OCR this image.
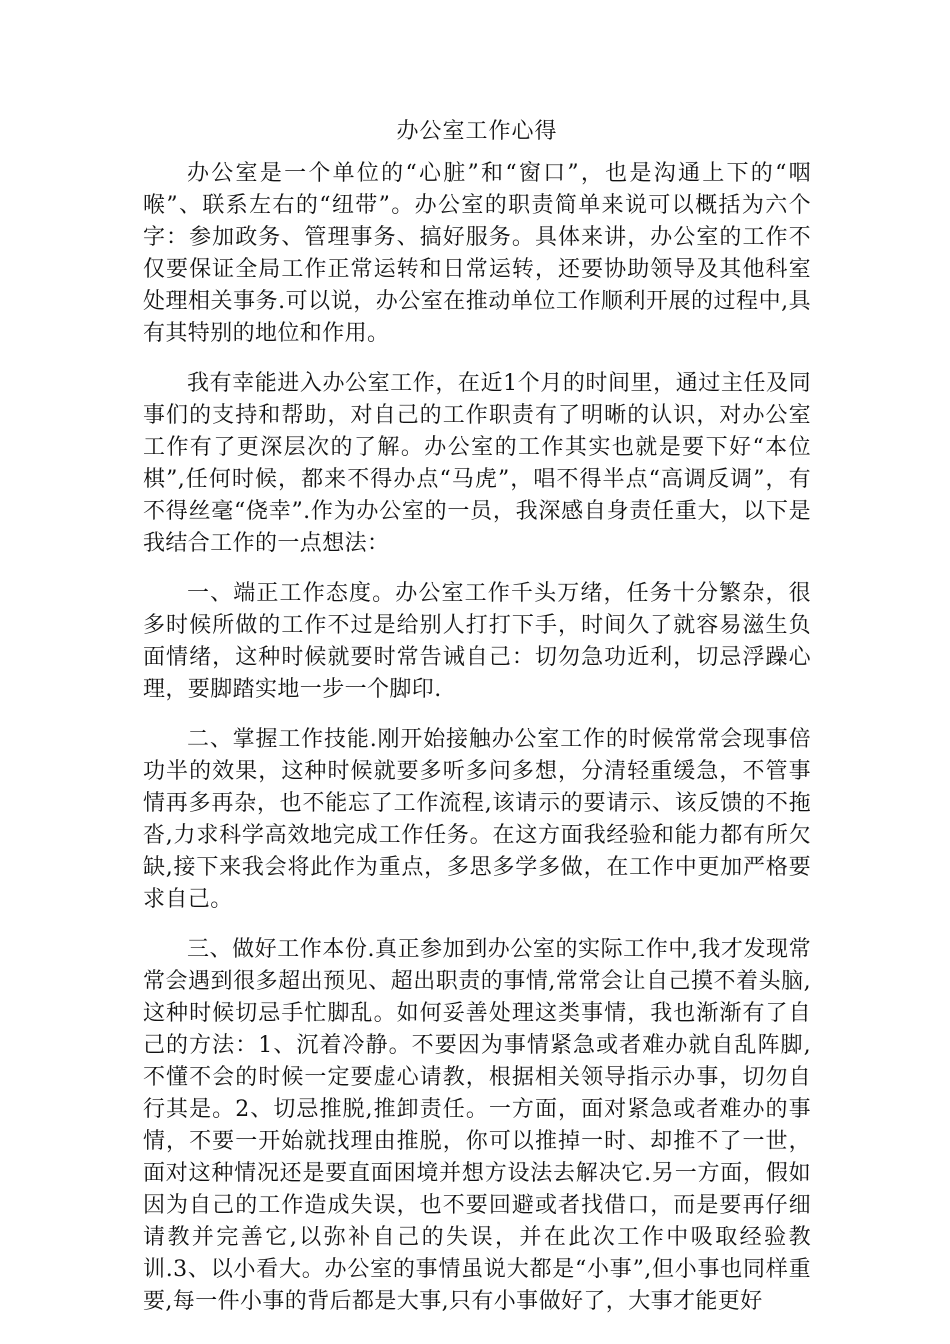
办公室工作心得

办公室是一个单位的“心脏”和“窗口”，也是沟通上下的“咽喉”、联系左右的“纽带”。办公室的职责简单来说可以概括为六个字：参加政务、管理事务、搞好服务。具体来讲，办公室的工作不仅要保证全局工作正常运转和日常运转，还要协助领导及其他科室处理相关事务.可以说，办公室在推动单位工作顺利开展的过程中,具有其特别的地位和作用。

我有幸能进入办公室工作，在近1个月的时间里，通过主任及同事们的支持和帮助，对自己的工作职责有了明晰的认识，对办公室工作有了更深层次的了解。办公室的工作其实也就是要下好“本位棋”,任何时候，都来不得办点“马虎”，唱不得半点“高调反调”，有不得丝毫“侥幸”.作为办公室的一员，我深感自身责任重大，以下是我结合工作的一点想法：

一、端正工作态度。办公室工作千头万绪，任务十分繁杂，很多时候所做的工作不过是给别人打打下手，时间久了就容易滋生负面情绪，这种时候就要时常告诫自己：切勿急功近利，切忌浮躁心理，要脚踏实地一步一个脚印.

二、掌握工作技能.刚开始接触办公室工作的时候常常会现事倍功半的效果，这种时候就要多听多问多想，分清轻重缓急，不管事情再多再杂，也不能忘了工作流程,该请示的要请示、该反馈的不拖沓,力求科学高效地完成工作任务。在这方面我经验和能力都有所欠缺,接下来我会将此作为重点，多思多学多做，在工作中更加严格要求自己。

三、做好工作本份.真正参加到办公室的实际工作中,我才发现常常会遇到很多超出预见、超出职责的事情,常常会让自己摸不着头脑,这种时候切忌手忙脚乱。如何妥善处理这类事情，我也渐渐有了自己的方法：1、沉着冷静。不要因为事情紧急或者难办就自乱阵脚,不懂不会的时候一定要虚心请教，根据相关领导指示办事，切勿自行其是。2、切忌推脱,推卸责任。一方面，面对紧急或者难办的事情，不要一开始就找理由推脱，你可以推掉一时、却推不了一世，面对这种情况还是要直面困境并想方设法去解决它.另一方面，假如因为自己的工作造成失误，也不要回避或者找借口，而是要再仔细请教并完善它,以弥补自己的失误，并在此次工作中吸取经验教训.3、以小看大。办公室的事情虽说大都是“小事”,但小事也同样重要,每一件小事的背后都是大事,只有小事做好了，大事才能更好
